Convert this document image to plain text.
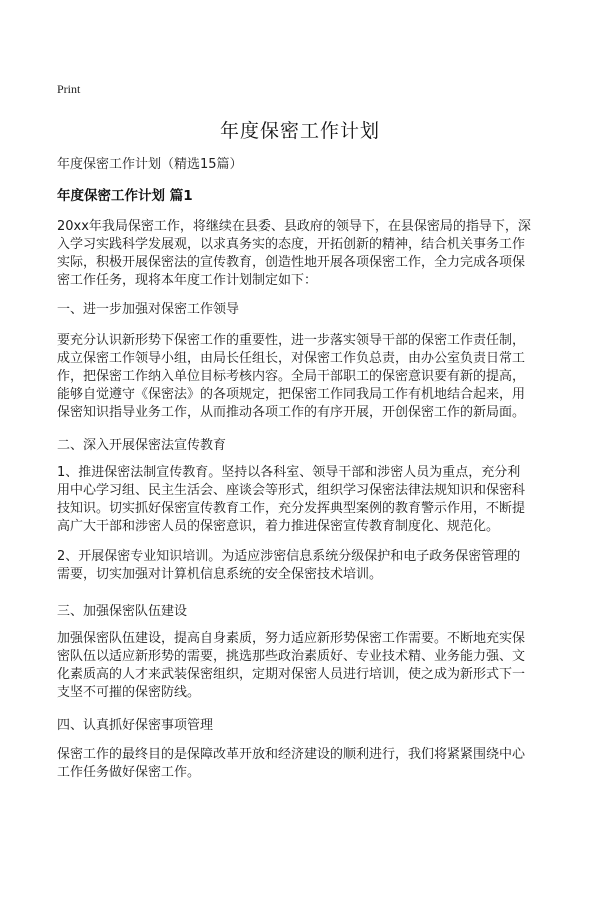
Print
年度保密工作计划
年度保密工作计划（精选15篇）
年度保密工作计划 篇1
20xx年我局保密工作，将继续在县委、县政府的领导下，在县保密局的指导下，深
入学习实践科学发展观，以求真务实的态度，开拓创新的精神，结合机关事务工作
实际，积极开展保密法的宣传教育，创造性地开展各项保密工作，全力完成各项保
密工作任务，现将本年度工作计划制定如下：
一、进一步加强对保密工作领导
要充分认识新形势下保密工作的重要性，进一步落实领导干部的保密工作责任制，
成立保密工作领导小组，由局长任组长，对保密工作负总责，由办公室负责日常工
作，把保密工作纳入单位目标考核内容。全局干部职工的保密意识要有新的提高，
能够自觉遵守《保密法》的各项规定，把保密工作同我局工作有机地结合起来，用
保密知识指导业务工作，从而推动各项工作的有序开展，开创保密工作的新局面。
二、深入开展保密法宣传教育
1、推进保密法制宣传教育。坚持以各科室、领导干部和涉密人员为重点，充分利
用中心学习组、民主生活会、座谈会等形式，组织学习保密法律法规知识和保密科
技知识。切实抓好保密宣传教育工作，充分发挥典型案例的教育警示作用，不断提
高广大干部和涉密人员的保密意识，着力推进保密宣传教育制度化、规范化。
2、开展保密专业知识培训。为适应涉密信息系统分级保护和电子政务保密管理的
需要，切实加强对计算机信息系统的安全保密技术培训。
三、加强保密队伍建设
加强保密队伍建设，提高自身素质，努力适应新形势保密工作需要。不断地充实保
密队伍以适应新形势的需要，挑选那些政治素质好、专业技术精、业务能力强、文
化素质高的人才来武装保密组织，定期对保密人员进行培训，使之成为新形式下一
支坚不可摧的保密防线。
四、认真抓好保密事项管理
保密工作的最终目的是保障改革开放和经济建设的顺利进行，我们将紧紧围绕中心
工作任务做好保密工作。
